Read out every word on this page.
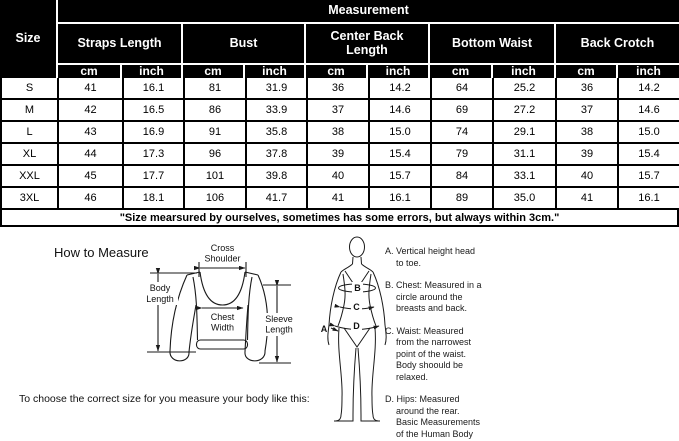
Size
Measurement
Straps Length	Bust	Center Back Length	Bottom Waist	Back Crotch
cm	inch	cm	inch	cm	inch	cm	inch	cm	inch
S	41	16.1	81	31.9	36	14.2	64	25.2	36	14.2
M	42	16.5	86	33.9	37	14.6	69	27.2	37	14.6
L	43	16.9	91	35.8	38	15.0	74	29.1	38	15.0
XL	44	17.3	96	37.8	39	15.4	79	31.1	39	15.4
XXL	45	17.7	101	39.8	40	15.7	84	33.1	40	15.7
3XL	46	18.1	106	41.7	41	16.1	89	35.0	41	16.1
"Size mearsured by ourselves, sometimes has some errors, but always within 3cm."
How to Measure	Cross
Shoulder
Body
Length
Chest
Width
Sleeve
Length
B
C
D
A
A. Vertical height head
to toe.
B. Chest: Measured in a
circle around the
breasts and back.
C. Waist: Measured
from the narrowest
point of the waist.
Body shoould be
relaxed.
D. Hips: Measured
around the rear.
Basic Measurements
of the Human Body
To choose the correct size for you measure your body like this:
